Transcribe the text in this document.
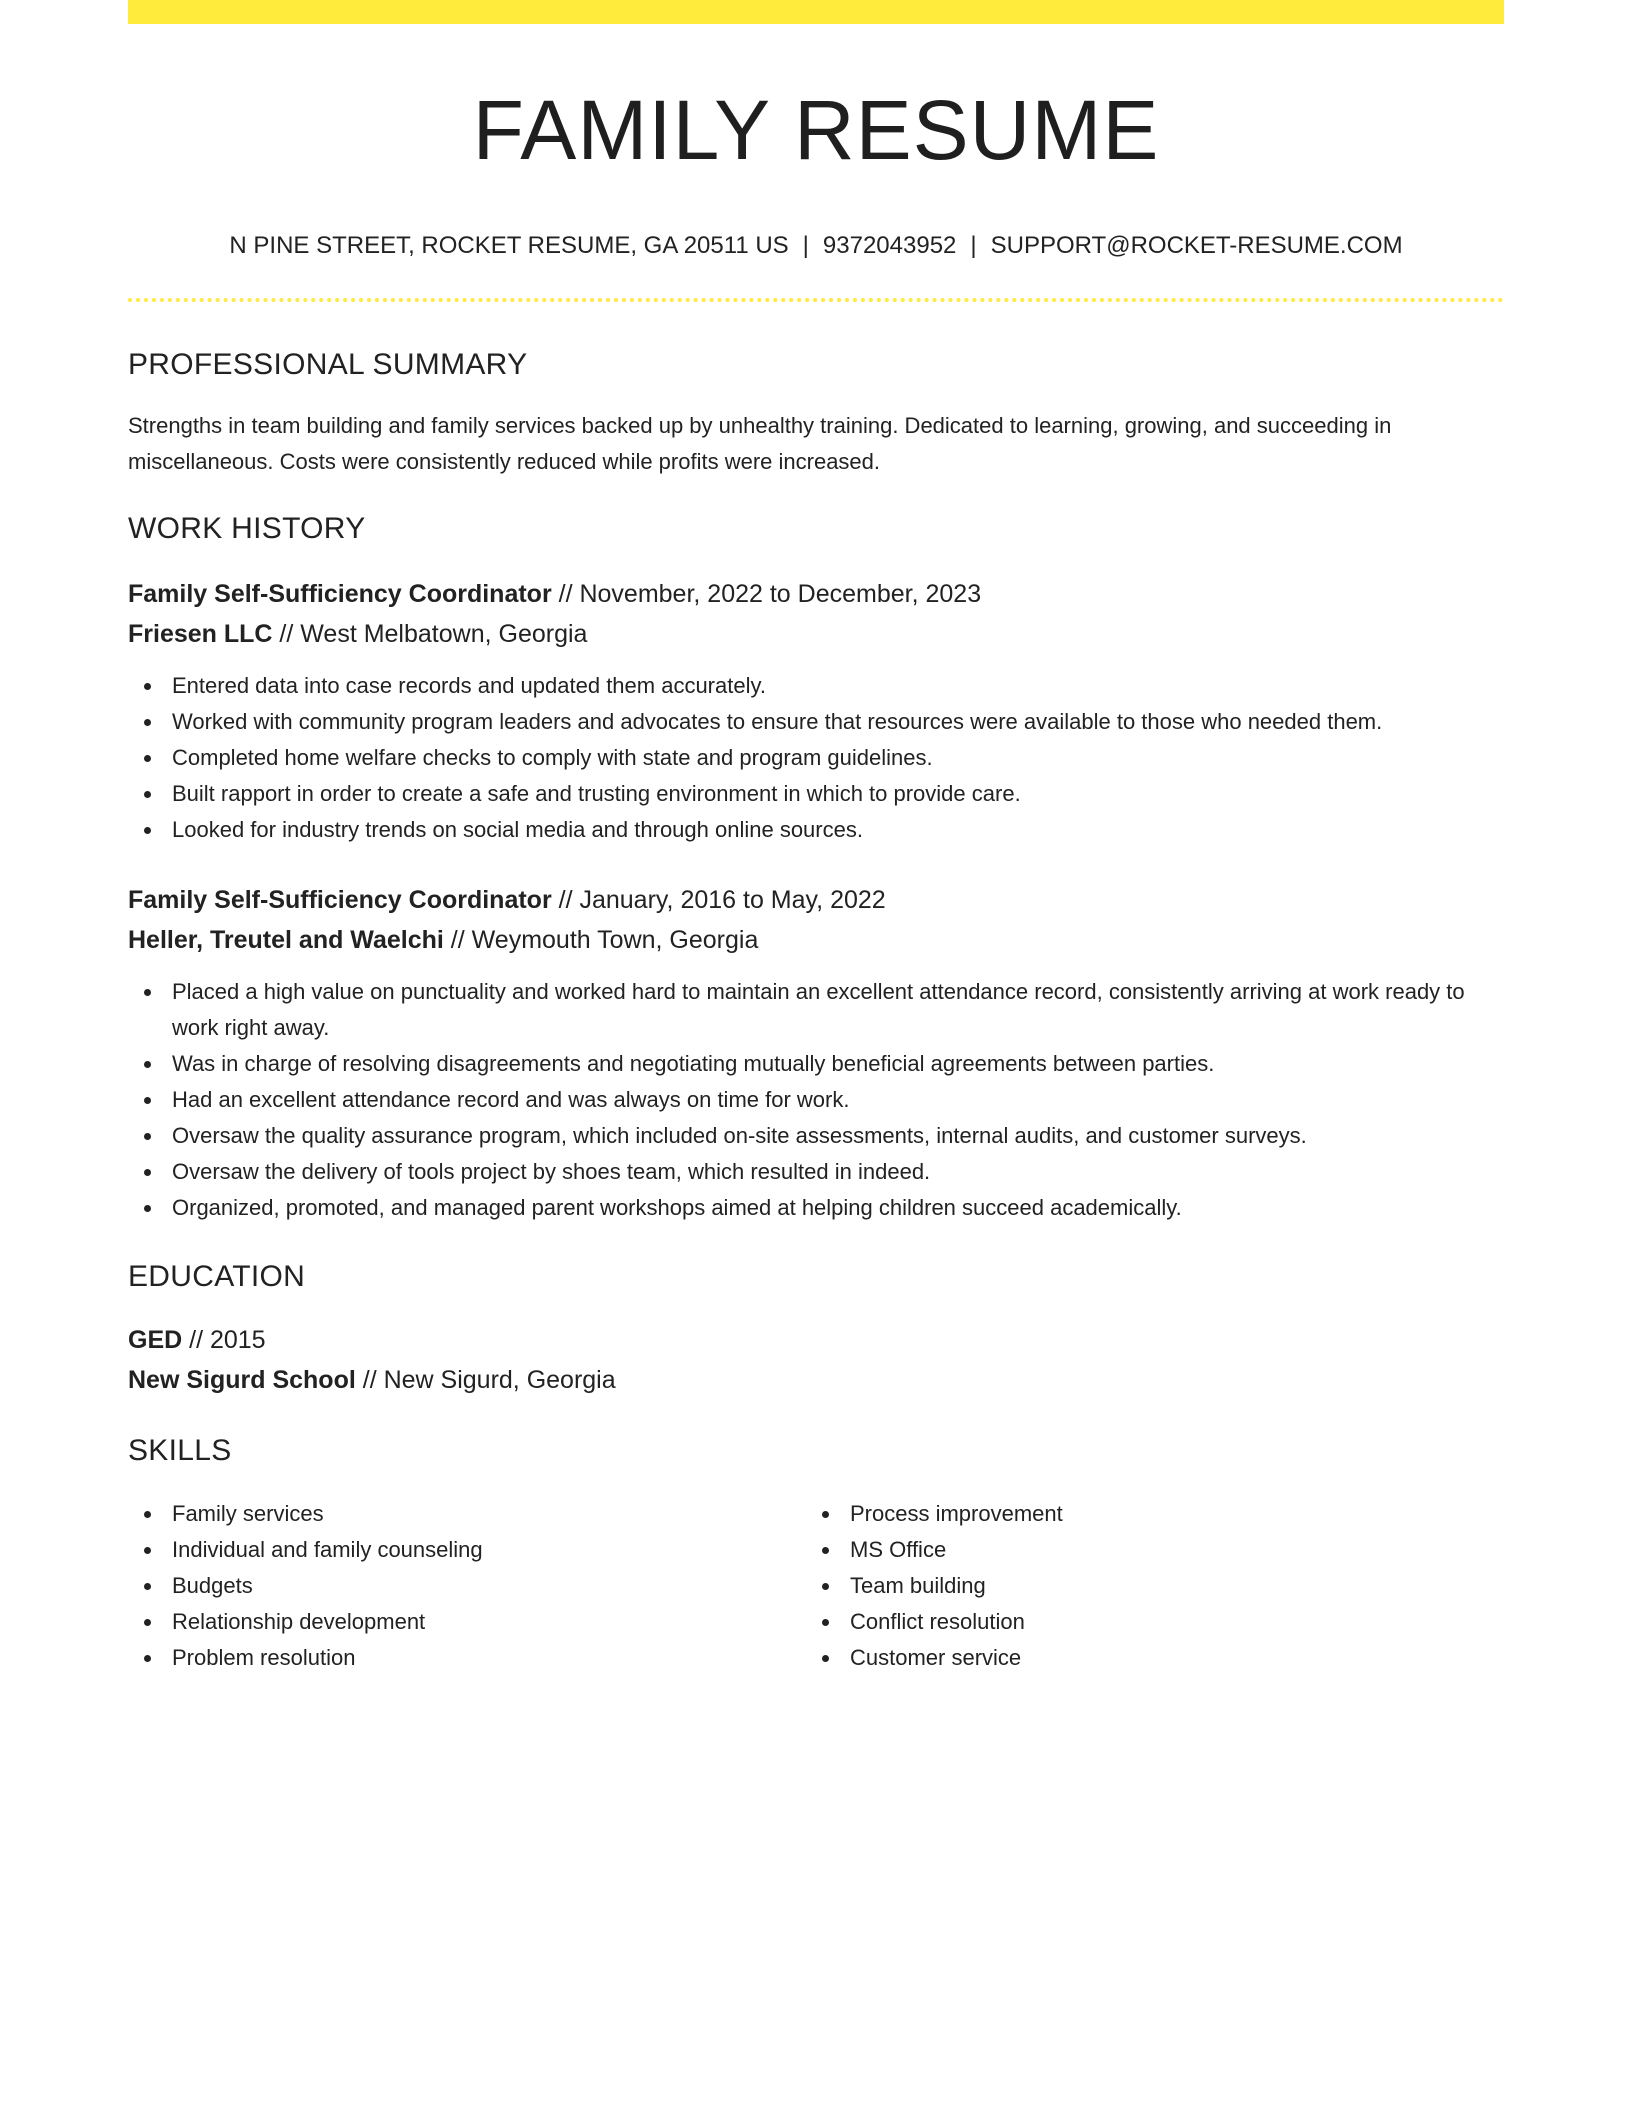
FAMILY RESUME
N PINE STREET, ROCKET RESUME, GA 20511 US | 9372043952 | SUPPORT@ROCKET-RESUME.COM
PROFESSIONAL SUMMARY

Strengths in team building and family services backed up by unhealthy training. Dedicated to learning, growing, and succeeding in miscellaneous. Costs were consistently reduced while profits were increased.

WORK HISTORY
Family Self-Sufficiency Coordinator // November, 2022 to December, 2023
Friesen LLC // West Melbatown, Georgia
Entered data into case records and updated them accurately.
Worked with community program leaders and advocates to ensure that resources were available to those who needed them.
Completed home welfare checks to comply with state and program guidelines.
Built rapport in order to create a safe and trusting environment in which to provide care.
Looked for industry trends on social media and through online sources.
Family Self-Sufficiency Coordinator // January, 2016 to May, 2022
Heller, Treutel and Waelchi // Weymouth Town, Georgia
Placed a high value on punctuality and worked hard to maintain an excellent attendance record, consistently arriving at work ready to work right away.
Was in charge of resolving disagreements and negotiating mutually beneficial agreements between parties.
Had an excellent attendance record and was always on time for work.
Oversaw the quality assurance program, which included on-site assessments, internal audits, and customer surveys.
Oversaw the delivery of tools project by shoes team, which resulted in indeed.
Organized, promoted, and managed parent workshops aimed at helping children succeed academically.
EDUCATION
GED // 2015
New Sigurd School // New Sigurd, Georgia
SKILLS
Family services
Individual and family counseling
Budgets
Relationship development
Problem resolution
Process improvement
MS Office
Team building
Conflict resolution
Customer service
